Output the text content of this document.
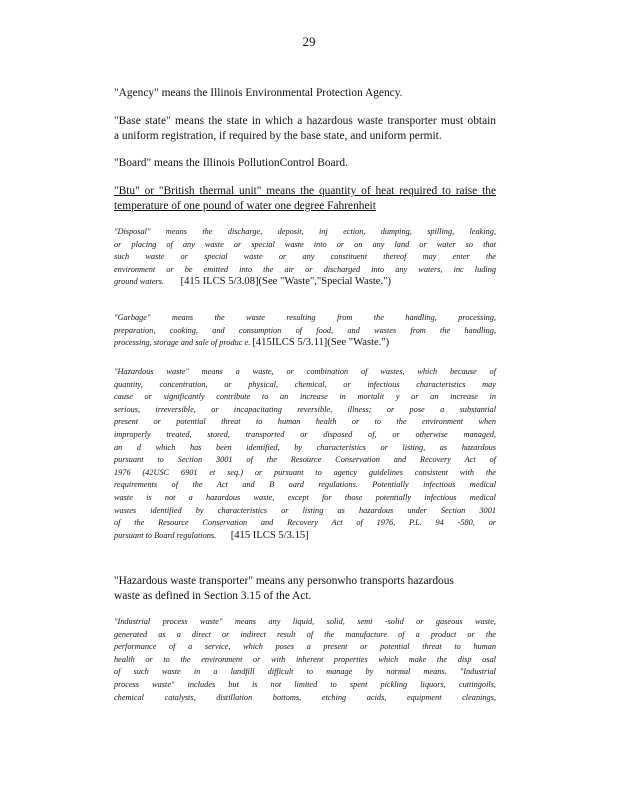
29
"Agency" means the Illinois Environmental Protection Agency.
"Base state" means the state in which a hazardous waste transporter must obtain
a uniform registration, if required by the base state, and uniform permit.
"Board" means the Illinois PollutionControl Board.
"Btu" or "British thermal unit" means the quantity of heat required to raise the
temperature of one pound of water one degree Fahrenheit
"Disposal" means the discharge, deposit, inj ection, dumping, spilling, leaking,
or placing of any waste or special waste into or on any land or water so that
such waste or special waste or any constituent thereof may enter the
environment or be emitted into the air or discharged into any waters, inc luding
ground waters. [415 ILCS 5/3.08](See "Waste","Special Waste.")
"Garbage" means the waste resulting from the handling, processing,
preparation, cooking, and consumption of food, and wastes from the handling,
processing, storage and sale of produc e. [415ILCS 5/3.11](See "Waste.")
"Hazardous waste" means a waste, or combination of wastes, which because of
quantity, concentration, or physical, chemical, or infectious characteristics may
cause or significantly contribute to an increase in mortalit y or an increase in
serious, irreversible, or incapacitating reversible, illness; or pose a substantial
present or potential threat to human health or to the environment when
improperly treated, stored, transported or disposed of, or otherwise managed,
an d which has been identified, by characteristics or listing, as hazardous
pursuant to Section 3001 of the Resource Conservation and Recovery Act of
1976 (42USC 6901 et seq.) or pursuant to agency guidelines consistent with the
requirements of the Act and B oard regulations. Potentially infectious medical
waste is not a hazardous waste, except for those potentially infectious medical
wastes identified by characteristics or listing as hazardous under Section 3001
of the Resource Conservation and Recovery Act of 1976, P.L. 94 -580, or
pursuant to Board regulations. [415 ILCS 5/3.15]
"Hazardous waste transporter" means any personwho transports hazardous
waste as defined in Section 3.15 of the Act.
"Industrial process waste" means any liquid, solid, semi -solid or gaseous waste,
generated as a direct or indirect result of the manufacture of a product or the
performance of a service, which poses a present or potential threat to human
health or to the environment or with inherent properties which make the disp osal
of such waste in a landfill difficult to manage by normal means. "Industrial
process waste" includes but is not limited to spent pickling liquors, cuttingoils,
chemical catalysts, distillation bottoms, etching acids, equipment cleanings,
